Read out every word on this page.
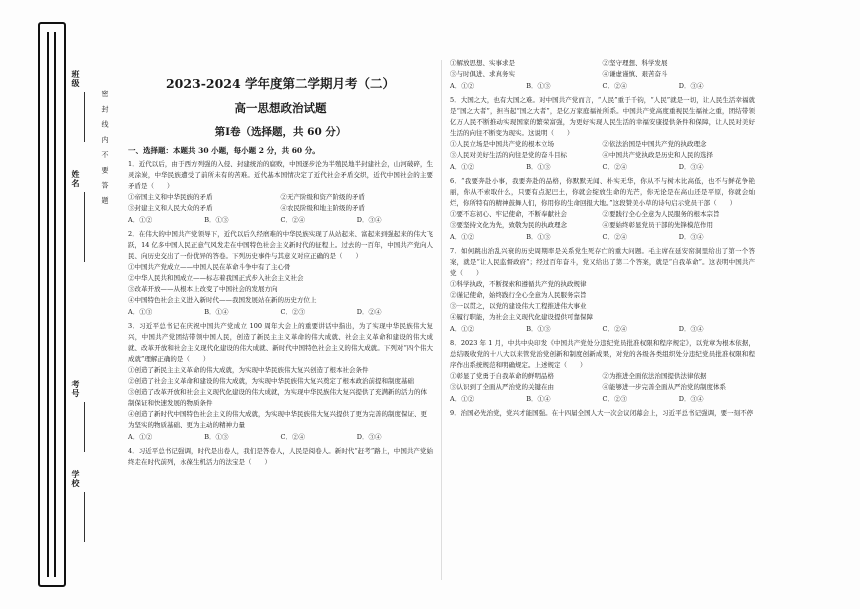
班级
姓名
考号
学校
密 封 线 内 不 要 答 题
2023-2024 学年度第二学期月考（二）
高一思想政治试题
第Ⅰ卷（选择题，共 60 分）
一、选择题：本题共 30 小题，每小题 2 分，共 60 分。
1．近代以后，由于西方列强的入侵、封建统治的腐败，中国逐步沦为半殖民地半封建社会，山河破碎，生灵涂炭，中华民族遭受了前所未有的苦难。近代基本国情决定了近代社会矛盾交织，近代中国社会的主要矛盾是（　　）
①帝国主义和中华民族的矛盾	②无产阶级和资产阶级的矛盾
③封建主义和人民大众的矛盾	④农民阶级和地主阶级的矛盾
A．①②	B．①③	C．②④	D．③④
2．在伟大的中国共产党领导下，近代以后久经磨难的中华民族实现了从站起来、富起来到强起来的伟大飞跃，14 亿多中国人民正意气风发走在中国特色社会主义新时代的征程上。过去的一百年，中国共产党向人民、向历史交出了一份优异的答卷。下列历史事件与其意义对应正确的是（　　）
①中国共产党成立——中国人民在革命斗争中有了主心骨
②中华人民共和国成立——标志着我国正式步入社会主义社会
③改革开放——从根本上改变了中国社会的发展方向
④中国特色社会主义进入新时代——我国发展站在新的历史方位上
A．①③	B．①④	C．②③	D．②④
3．习近平总书记在庆祝中国共产党成立 100 周年大会上的重要讲话中指出，为了实现中华民族伟大复兴，中国共产党团结带领中国人民，创造了新民主主义革命的伟大成就、社会主义革命和建设的伟大成就、改革开放和社会主义现代化建设的伟大成就、新时代中国特色社会主义的伟大成就。下列对“四个伟大成就”理解正确的是（　　）
①创造了新民主主义革命的伟大成就，为实现中华民族伟大复兴创造了根本社会条件
②创造了社会主义革命和建设的伟大成就，为实现中华民族伟大复兴奠定了根本政治前提和制度基础
③创造了改革开放和社会主义现代化建设的伟大成就，为实现中华民族伟大复兴提供了充满新的活力的体制保证和快速发展的物质条件
④创造了新时代中国特色社会主义的伟大成就，为实现中华民族伟大复兴提供了更为完善的制度保证、更为坚实的物质基础、更为主动的精神力量
A．①②	B．①③	C．②④	D．③④
4．习近平总书记强调，时代是出卷人，我们是答卷人，人民是阅卷人。新时代“赶考”路上，中国共产党始终走在时代前列，永葆生机活力的法宝是（　　）
①解放思想、实事求是	②坚守理想、科学发展
③与时俱进、求真务实	④谦虚谨慎、艰苦奋斗
A．①②	B．①③	C．②④	D．③④
5．大国之大，也有大国之难。对中国共产党而言，“人民”重于千钧，“人民”就是一切，让人民生活幸福就是“国之大者”，担当起“国之大者”，是亿万家庭福祉所系。中国共产党高度重视民生福祉之重，团结带领亿万人民不断推动实现国家的繁荣富强，为更好实现人民生活的幸福安康提供条件和保障，让人民对美好生活的向往不断变为现实。这说明（　　）
①人民立场是中国共产党的根本立场	②依法治国是中国共产党的执政理念
③人民对美好生活的向往是党的奋斗目标	④中国共产党执政是历史和人民的选择
A．①②	B．①③	C．②④	D．③④
6．“我要奔赴小事，我要奔赴的品格，你默默无闻、朴实无华，你从不与树木比高低，也不与鲜花争艳丽，你从不索取什么，只要有点泥巴土，你就会绽放生命的光芒，你无论是在高山还是平原，你就会灿烂，你所特有的精神鼓舞人们，你用你的生命回报大地。”这段赞美小草的诗句启示党员干部（　　）
①要不忘初心、牢记使命，不断奉献社会	②要践行全心全意为人民服务的根本宗旨
③要坚持文化为先，致敬为民的执政理念	④要始终彰显党员干部的先锋模范作用
A．①②	B．①③	C．②④	D．③④
7．如何跳出治乱兴衰的历史周期率是关系党生死存亡的重大问题。毛主席在延安窑洞里给出了第一个答案，就是“让人民监督政府”；经过百年奋斗，党又给出了第二个答案，就是“自我革命”。这表明中国共产党（　　）
①科学执政，不断探索和遵循共产党的执政规律
②谨记使命，始终践行全心全意为人民服务宗旨
③一以贯之，以党的建设伟大工程推进伟大事业
④履行职能，为社会主义现代化建设提供可靠保障
A．①②	B．①③	C．②④	D．③④
8．2023 年 1 月，中共中央印发《中国共产党处分违纪党员批准权限和程序规定》，以党章为根本依据，总结吸收党的十八大以来管党治党创新和制度创新成果，对党的各级各类组织处分违纪党员批准权限和程序作出系统规范和明确规定。上述规定（　　）
①彰显了党勇于自我革命的鲜明品格	②为推进全面依法治国提供法律依据
③认识到了全面从严治党的关键在由	④能够进一步完善全面从严治党的制度体系
A．①②	B．①④	C．②③	D．③④
9．治国必先治党，党兴才能国强。在十四届全国人大一次会议闭幕会上，习近平总书记强调，要一刻不停
